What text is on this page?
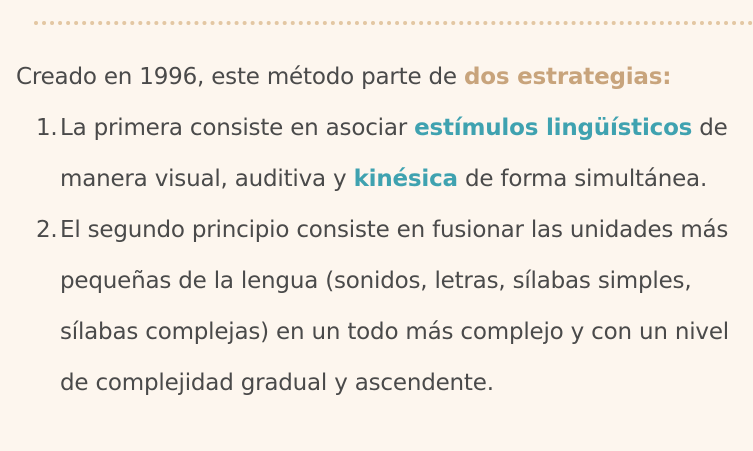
Creado en 1996, este método parte de dos estrategias:

1. La primera consiste en asociar estímulos lingüísticos de manera visual, auditiva y kinésica de forma simultánea.
2. El segundo principio consiste en fusionar las unidades más pequeñas de la lengua (sonidos, letras, sílabas simples, sílabas complejas) en un todo más complejo y con un nivel de complejidad gradual y ascendente.
